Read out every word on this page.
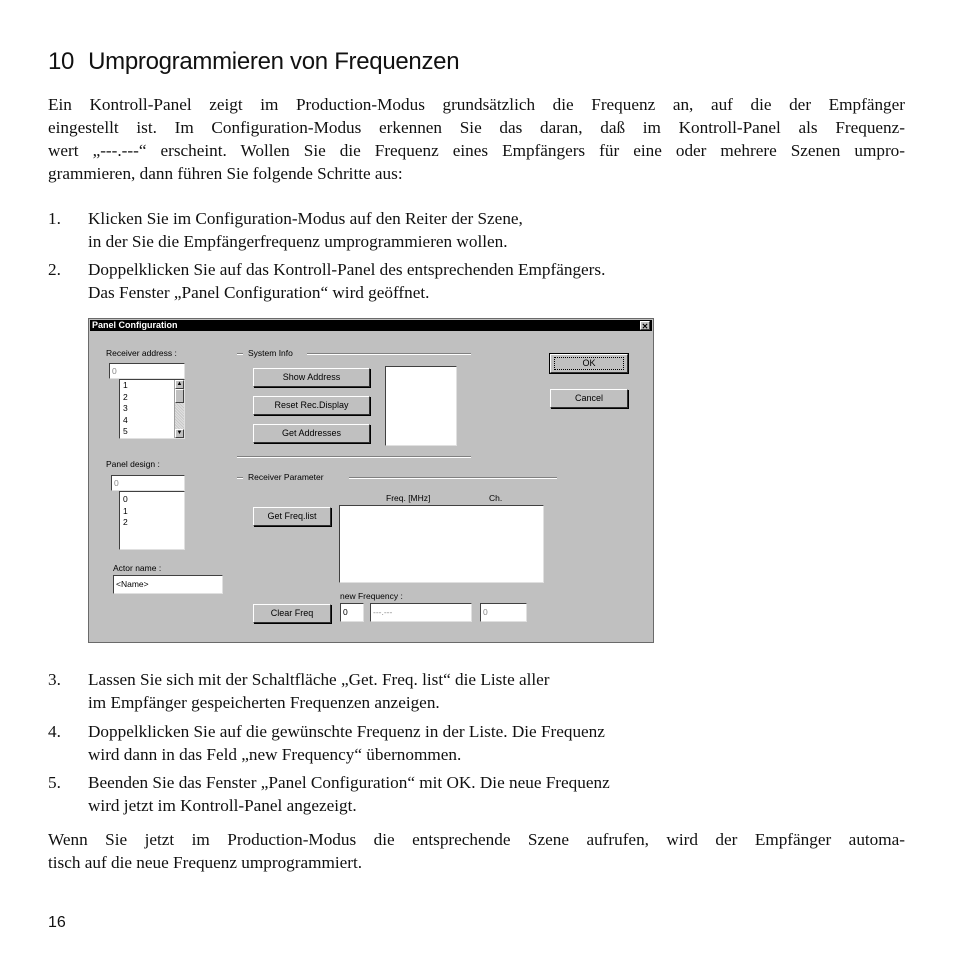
10 Umprogrammieren von Frequenzen
Ein Kontroll-Panel zeigt im Production-Modus grundsätzlich die Frequenz an, auf die der Empfänger
eingestellt ist. Im Configuration-Modus erkennen Sie das daran, daß im Kontroll-Panel als Frequenz-
wert „---.---“ erscheint. Wollen Sie die Frequenz eines Empfängers für eine oder mehrere Szenen umpro-
grammieren, dann führen Sie folgende Schritte aus:
1.	Klicken Sie im Configuration-Modus auf den Reiter der Szene,
in der Sie die Empfängerfrequenz umprogrammieren wollen.
2.	Doppelklicken Sie auf das Kontroll-Panel des entsprechenden Empfängers.
Das Fenster „Panel Configuration“ wird geöffnet.
Panel Configuration	✕
Receiver address :
0
1
2
3
4
5
▲
▼
System Info
Show Address
Reset Rec.Display
Get Addresses
OK
Cancel
Panel design :
0
0
1
2
Receiver Parameter
Freq. [MHz]	Ch.
Get Freq.list
Actor name :
<Name>
new Frequency :
Clear Freq	0	---.---	0
3.	Lassen Sie sich mit der Schaltfläche „Get. Freq. list“ die Liste aller
im Empfänger gespeicherten Frequenzen anzeigen.
4.	Doppelklicken Sie auf die gewünschte Frequenz in der Liste. Die Frequenz
wird dann in das Feld „new Frequency“ übernommen.
5.	Beenden Sie das Fenster „Panel Configuration“ mit OK. Die neue Frequenz
wird jetzt im Kontroll-Panel angezeigt.
Wenn Sie jetzt im Production-Modus die entsprechende Szene aufrufen, wird der Empfänger automa-
tisch auf die neue Frequenz umprogrammiert.
16
